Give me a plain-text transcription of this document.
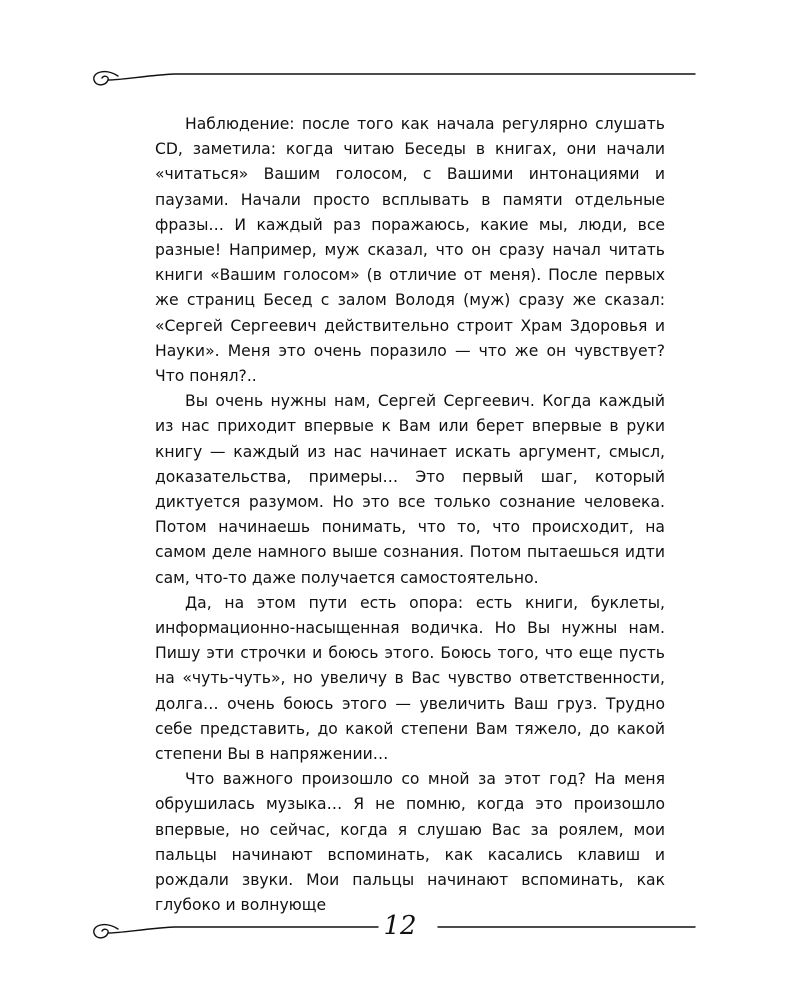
Наблюдение: после того как начала регулярно слушать CD, заметила: когда читаю Беседы в книгах, они начали «читаться» Вашим голосом, с Вашими интонациями и паузами. Начали просто всплывать в памяти отдельные фразы… И каждый раз поражаюсь, какие мы, люди, все разные! Например, муж сказал, что он сразу начал читать книги «Вашим голосом» (в отличие от меня). После первых же страниц Бесед с залом Володя (муж) сразу же сказал: «Сергей Сергеевич действительно строит Храм Здоровья и Науки». Меня это очень поразило — что же он чувствует? Что понял?..

Вы очень нужны нам, Сергей Сергеевич. Когда каждый из нас приходит впервые к Вам или берет впервые в руки книгу — каждый из нас начинает искать аргумент, смысл, доказательства, примеры… Это первый шаг, который диктуется разумом. Но это все только сознание человека. Потом начинаешь понимать, что то, что происходит, на самом деле намного выше сознания. Потом пытаешься идти сам, что-то даже получается самостоятельно.

Да, на этом пути есть опора: есть книги, буклеты, информационно-насыщенная водичка. Но Вы нужны нам. Пишу эти строчки и боюсь этого. Боюсь того, что еще пусть на «чуть-чуть», но увеличу в Вас чувство ответственности, долга… очень боюсь этого — увеличить Ваш груз. Трудно себе представить, до какой степени Вам тяжело, до какой степени Вы в напряжении…

Что важного произошло со мной за этот год? На меня обрушилась музыка… Я не помню, когда это произошло впервые, но сейчас, когда я слушаю Вас за роялем, мои пальцы начинают вспоминать, как касались клавиш и рождали звуки. Мои пальцы начинают вспоминать, как глубоко и волнующе

12
